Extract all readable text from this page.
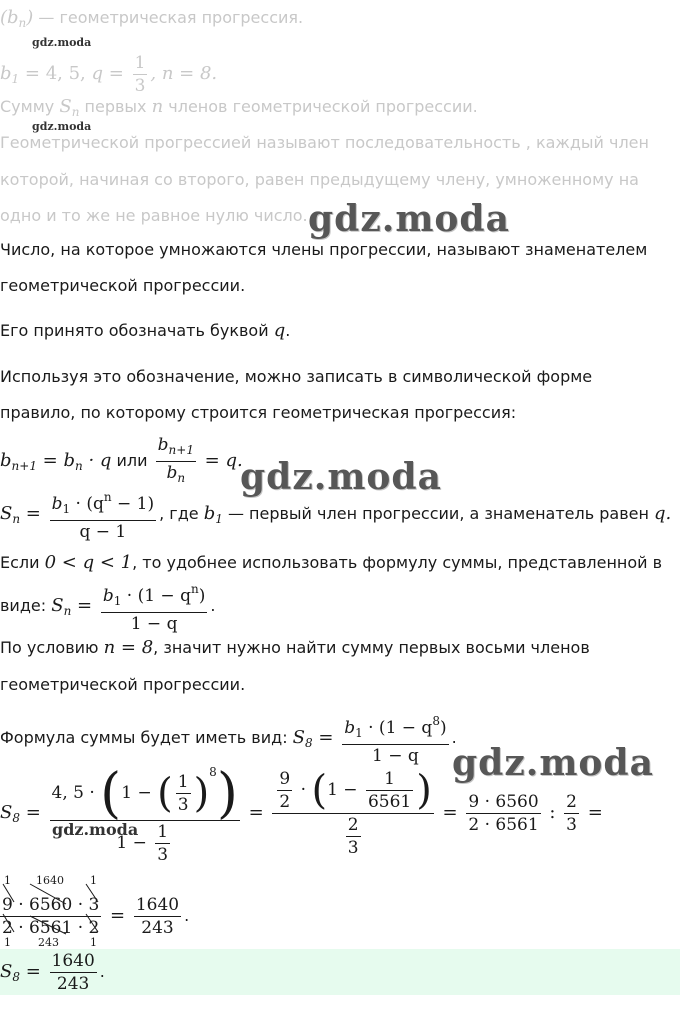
$(b_n)$ — геометрическая прогрессия.
gdz.moda
$b_1 = 4$, 5, $q = \frac{1}{3}$ , n = 8.
Сумму $S_n$ первых n членов геометрической прогрессии.
gdz.moda
Геометрической прогрессией называют последовательность , каждый член
которой, начиная со второго, равен предыдущему члену, умноженному на
одно и то же не равное нулю число. gdz.moda
Число, на которое умножаются члены прогрессии, называют знаменателем
геометрической прогрессии.
Его принято обозначать буквой q.
Используя это обозначение, можно записать в символической форме
правило, по которому строится геометрическая прогрессия:
$b_{n+1} = b_n \cdot q$ или $\frac{b_{n+1}}{b_n} = q$.
gdz.moda
$S_n = \frac{b_1 \cdot (q^n - 1)}{q - 1}$ , где $b_1$ — первый член прогрессии, а знаменатель равен q.
Если 0 < q < 1, то удобнее использовать формулу суммы, представленной в
виде: $S_n = \frac{b_1 \cdot (1 - q^n)}{1 - q}$ .
По условию n = 8, значит нужно найти сумму первых восьми членов
геометрической прогрессии.
Формула суммы будет иметь вид: $S_8 = \frac{b_1 \cdot (1 - q^8)}{1 - q}$ .
gdz.moda
$S_8 = \frac{4, 5 \cdot (1 - ( \frac{1}{3} )^8)}{1 - \frac{1}{3}} = \frac{\frac{9}{2} \cdot (1 - \frac{1}{6561} )}{\frac{2}{3}} = \frac{9 \cdot 6560}{2 \cdot 6561}$ : $\frac{2}{3}$ =
gdz.moda
1 1640 1
$\frac{9 \cdot 6560 \cdot 3}{2 \cdot 6561 \cdot 2} = \frac{1640}{243}$ .
1 243	1
$S_8 = \frac{1640}{243}$ .
